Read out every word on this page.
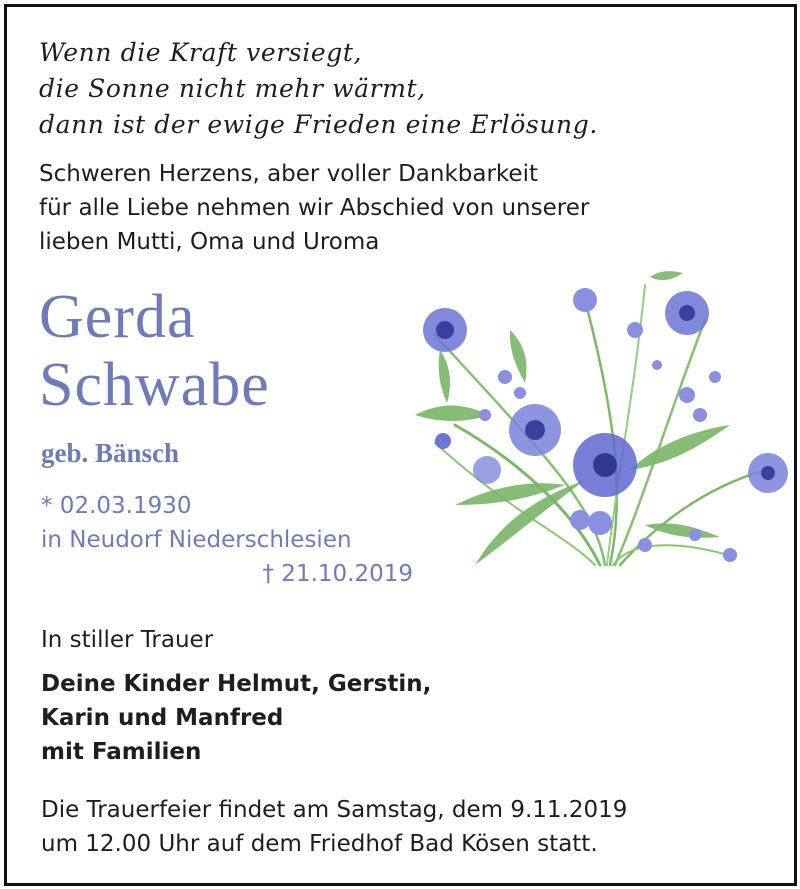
Wenn die Kraft versiegt,
die Sonne nicht mehr wärmt,
dann ist der ewige Frieden eine Erlösung.
Schweren Herzens, aber voller Dankbarkeit
für alle Liebe nehmen wir Abschied von unserer
lieben Mutti, Oma und Uroma
Gerda
Schwabe
geb. Bänsch
* 02.03.1930
in Neudorf Niederschlesien
† 21.10.2019
In stiller Trauer
Deine Kinder Helmut, Gerstin,
Karin und Manfred
mit Familien
Die Trauerfeier findet am Samstag, dem 9.11.2019
um 12.00 Uhr auf dem Friedhof Bad Kösen statt.
